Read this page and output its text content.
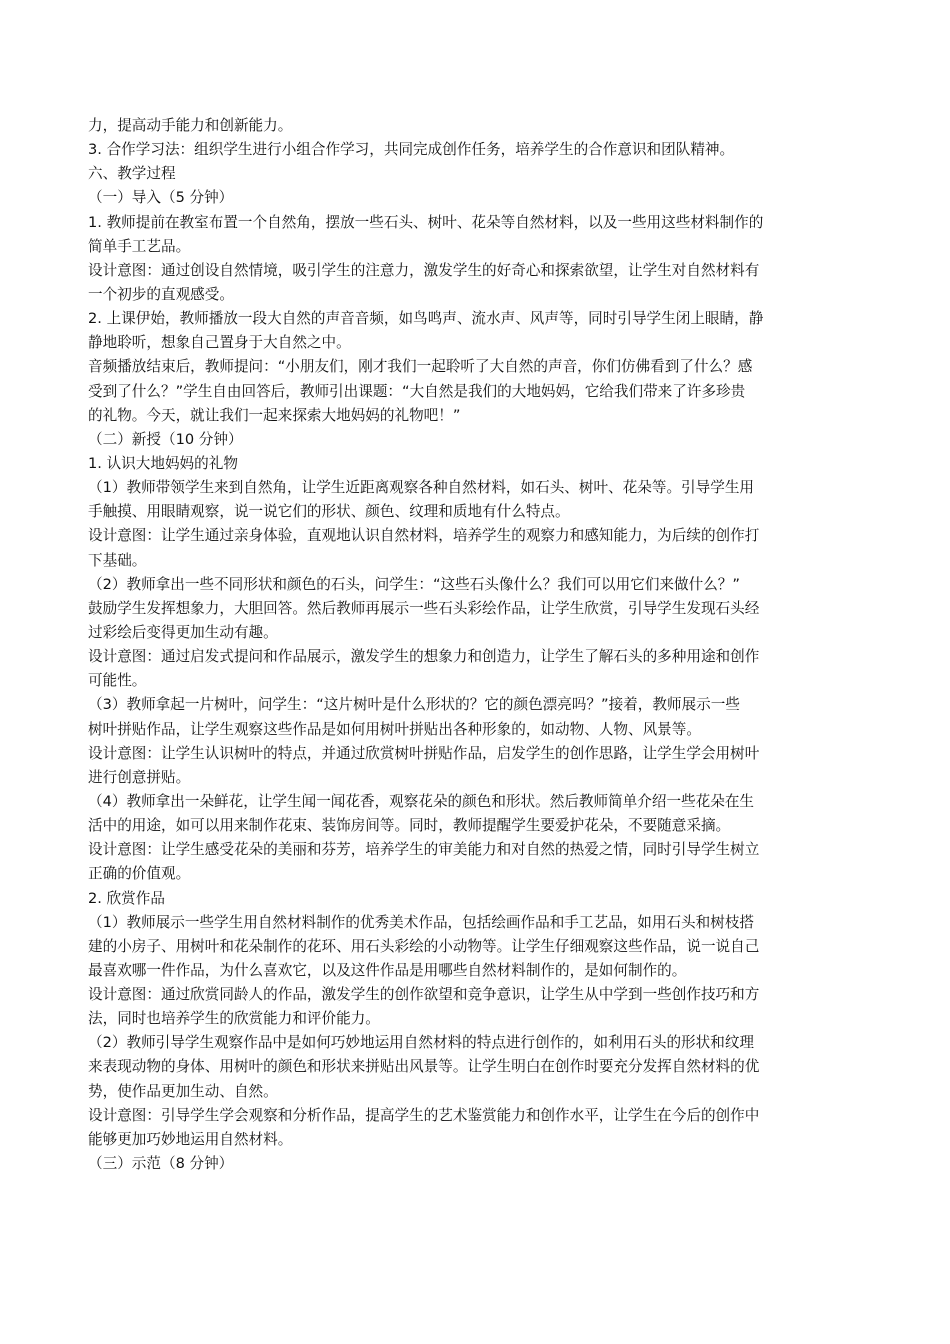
力，提高动手能力和创新能力。
3. 合作学习法：组织学生进行小组合作学习，共同完成创作任务，培养学生的合作意识和团队精神。
六、教学过程
（一）导入（5 分钟）
1. 教师提前在教室布置一个自然角，摆放一些石头、树叶、花朵等自然材料，以及一些用这些材料制作的
简单手工艺品。
设计意图：通过创设自然情境，吸引学生的注意力，激发学生的好奇心和探索欲望，让学生对自然材料有
一个初步的直观感受。
2. 上课伊始，教师播放一段大自然的声音音频，如鸟鸣声、流水声、风声等，同时引导学生闭上眼睛，静
静地聆听，想象自己置身于大自然之中。
音频播放结束后，教师提问：“小朋友们，刚才我们一起聆听了大自然的声音，你们仿佛看到了什么？感
受到了什么？”学生自由回答后，教师引出课题：“大自然是我们的大地妈妈，它给我们带来了许多珍贵
的礼物。今天，就让我们一起来探索大地妈妈的礼物吧！”
（二）新授（10 分钟）
1. 认识大地妈妈的礼物
（1）教师带领学生来到自然角，让学生近距离观察各种自然材料，如石头、树叶、花朵等。引导学生用
手触摸、用眼睛观察，说一说它们的形状、颜色、纹理和质地有什么特点。
设计意图：让学生通过亲身体验，直观地认识自然材料，培养学生的观察力和感知能力，为后续的创作打
下基础。
（2）教师拿出一些不同形状和颜色的石头，问学生：“这些石头像什么？我们可以用它们来做什么？”
鼓励学生发挥想象力，大胆回答。然后教师再展示一些石头彩绘作品，让学生欣赏，引导学生发现石头经
过彩绘后变得更加生动有趣。
设计意图：通过启发式提问和作品展示，激发学生的想象力和创造力，让学生了解石头的多种用途和创作
可能性。
（3）教师拿起一片树叶，问学生：“这片树叶是什么形状的？它的颜色漂亮吗？”接着，教师展示一些
树叶拼贴作品，让学生观察这些作品是如何用树叶拼贴出各种形象的，如动物、人物、风景等。
设计意图：让学生认识树叶的特点，并通过欣赏树叶拼贴作品，启发学生的创作思路，让学生学会用树叶
进行创意拼贴。
（4）教师拿出一朵鲜花，让学生闻一闻花香，观察花朵的颜色和形状。然后教师简单介绍一些花朵在生
活中的用途，如可以用来制作花束、装饰房间等。同时，教师提醒学生要爱护花朵，不要随意采摘。
设计意图：让学生感受花朵的美丽和芬芳，培养学生的审美能力和对自然的热爱之情，同时引导学生树立
正确的价值观。
2. 欣赏作品
（1）教师展示一些学生用自然材料制作的优秀美术作品，包括绘画作品和手工艺品，如用石头和树枝搭
建的小房子、用树叶和花朵制作的花环、用石头彩绘的小动物等。让学生仔细观察这些作品，说一说自己
最喜欢哪一件作品，为什么喜欢它，以及这件作品是用哪些自然材料制作的，是如何制作的。
设计意图：通过欣赏同龄人的作品，激发学生的创作欲望和竞争意识，让学生从中学到一些创作技巧和方
法，同时也培养学生的欣赏能力和评价能力。
（2）教师引导学生观察作品中是如何巧妙地运用自然材料的特点进行创作的，如利用石头的形状和纹理
来表现动物的身体、用树叶的颜色和形状来拼贴出风景等。让学生明白在创作时要充分发挥自然材料的优
势，使作品更加生动、自然。
设计意图：引导学生学会观察和分析作品，提高学生的艺术鉴赏能力和创作水平，让学生在今后的创作中
能够更加巧妙地运用自然材料。
（三）示范（8 分钟）
